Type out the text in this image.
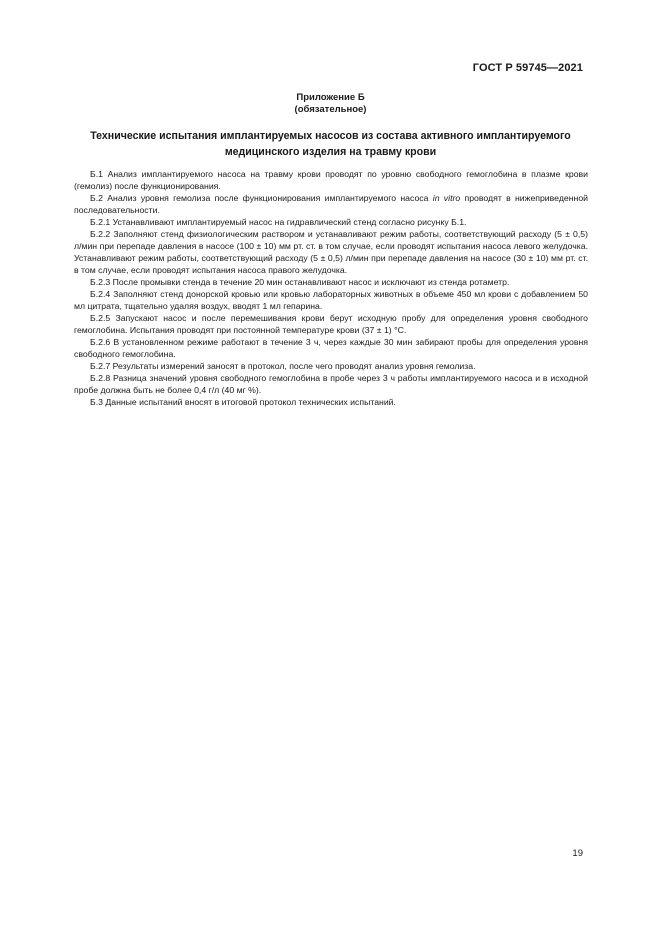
ГОСТ Р 59745—2021
Приложение Б
(обязательное)
Технические испытания имплантируемых насосов из состава активного имплантируемого
медицинского изделия на травму крови

Б.1 Анализ имплантируемого насоса на травму крови проводят по уровню свободного гемоглобина в плазме крови (гемолиз) после функционирования.

Б.2 Анализ уровня гемолиза после функционирования имплантируемого насоса in vitro проводят в нижеприведенной последовательности.

Б.2.1 Устанавливают имплантируемый насос на гидравлический стенд согласно рисунку Б.1.

Б.2.2 Заполняют стенд физиологическим раствором и устанавливают режим работы, соответствующий расходу (5 ± 0,5) л/мин при перепаде давления в насосе (100 ± 10) мм рт. ст. в том случае, если проводят испытания насоса левого желудочка. Устанавливают режим работы, соответствующий расходу (5 ± 0,5) л/мин при перепаде давления на насосе (30 ± 10) мм рт. ст. в том случае, если проводят испытания насоса правого желудочка.

Б.2.3 После промывки стенда в течение 20 мин останавливают насос и исключают из стенда ротаметр.

Б.2.4 Заполняют стенд донорской кровью или кровью лабораторных животных в объеме 450 мл крови с добавлением 50 мл цитрата, тщательно удаляя воздух, вводят 1 мл гепарина.

Б.2.5 Запускают насос и после перемешивания крови берут исходную пробу для определения уровня свободного гемоглобина. Испытания проводят при постоянной температуре крови (37 ± 1) °С.

Б.2.6 В установленном режиме работают в течение 3 ч, через каждые 30 мин забирают пробы для определения уровня свободного гемоглобина.

Б.2.7 Результаты измерений заносят в протокол, после чего проводят анализ уровня гемолиза.

Б.2.8 Разница значений уровня свободного гемоглобина в пробе через 3 ч работы имплантируемого насоса и в исходной пробе должна быть не более 0,4 г/л (40 мг %).

Б.3 Данные испытаний вносят в итоговой протокол технических испытаний.

19
